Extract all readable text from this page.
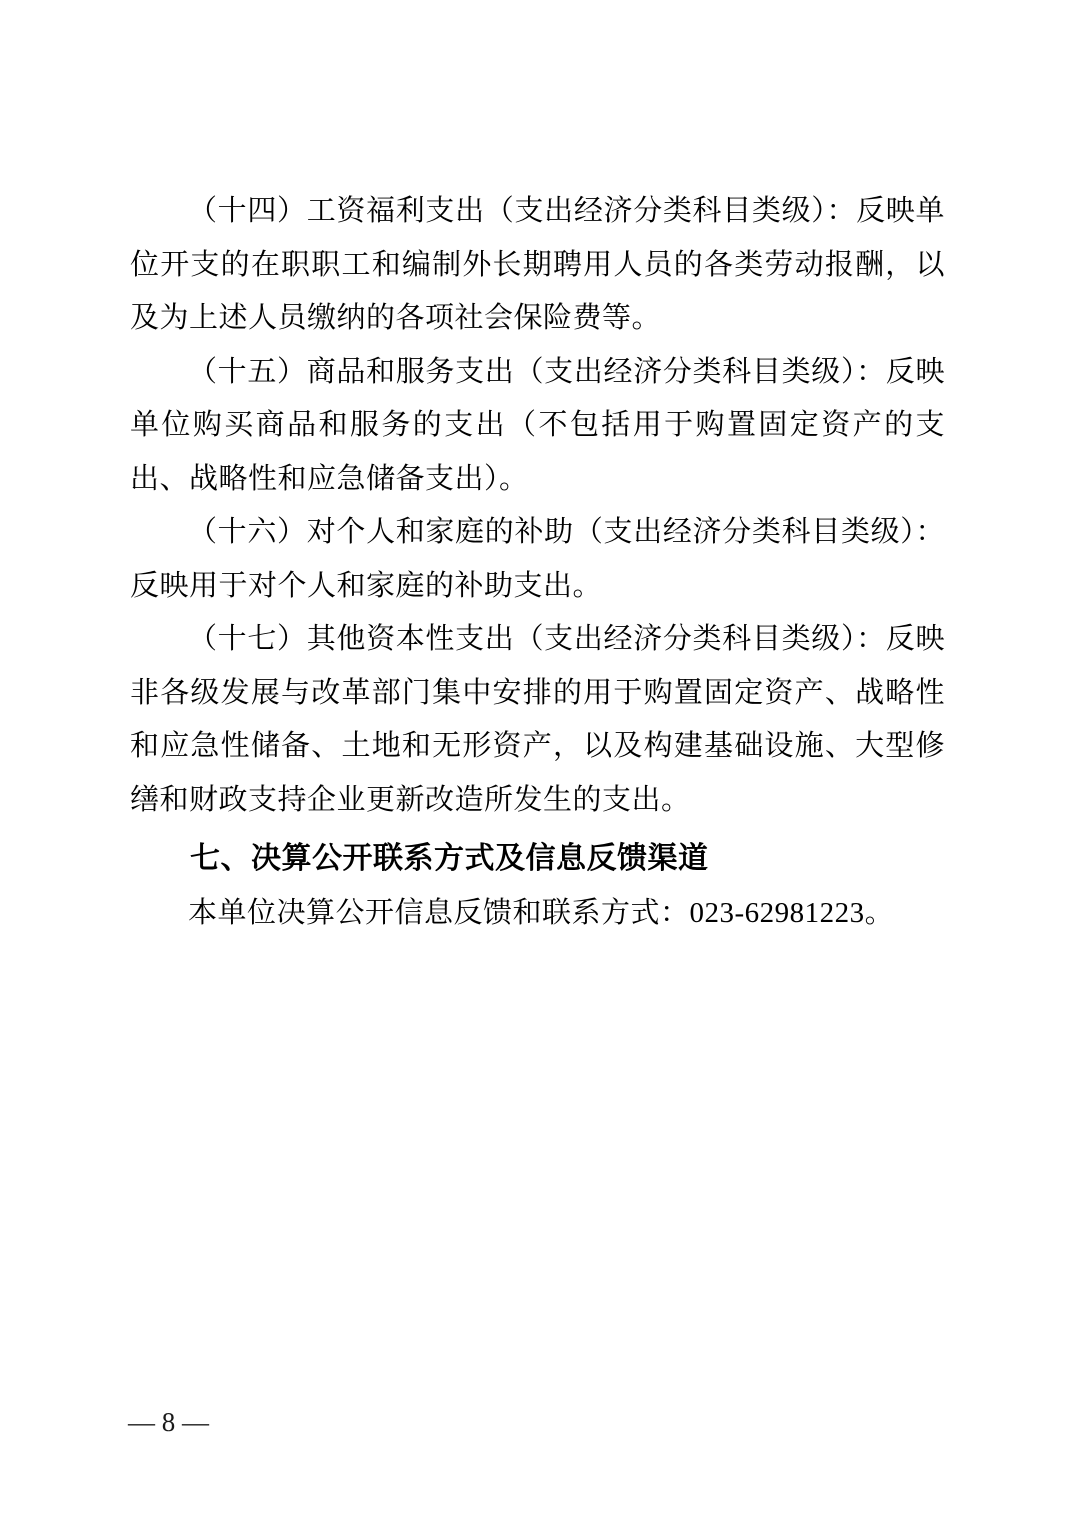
（十四）工资福利支出（支出经济分类科目类级）：反映单位开支的在职职工和编制外长期聘用人员的各类劳动报酬，以及为上述人员缴纳的各项社会保险费等。

（十五）商品和服务支出（支出经济分类科目类级）：反映单位购买商品和服务的支出（不包括用于购置固定资产的支出、战略性和应急储备支出）。

（十六）对个人和家庭的补助（支出经济分类科目类级）：反映用于对个人和家庭的补助支出。

（十七）其他资本性支出（支出经济分类科目类级）：反映非各级发展与改革部门集中安排的用于购置固定资产、战略性和应急性储备、土地和无形资产，以及构建基础设施、大型修缮和财政支持企业更新改造所发生的支出。

七、决算公开联系方式及信息反馈渠道

本单位决算公开信息反馈和联系方式：023-62981223。

— 8 —
